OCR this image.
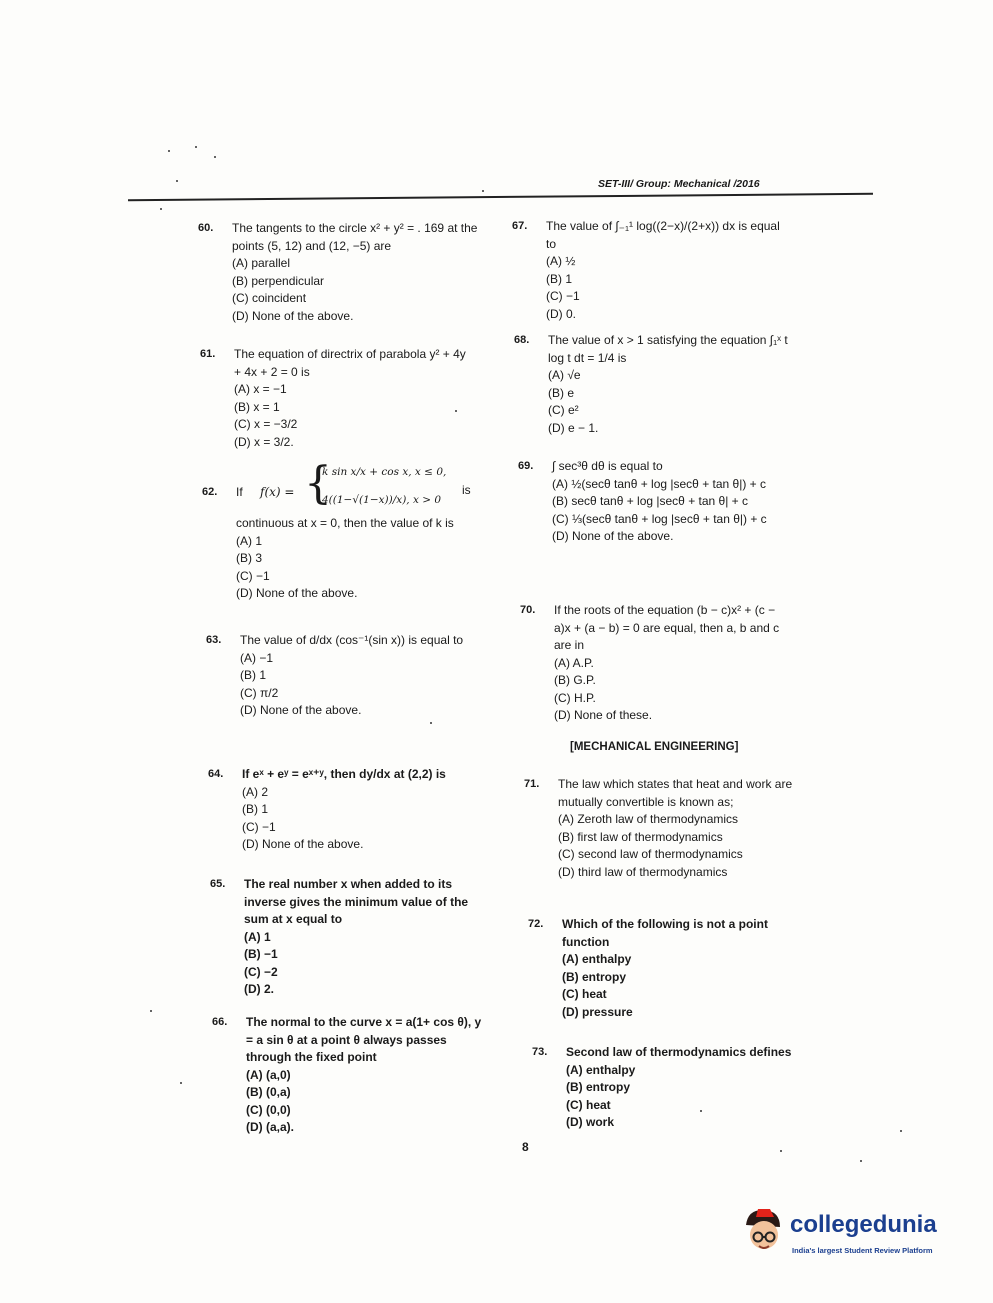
SET-III/ Group: Mechanical /2016
60. The tangents to the circle x² + y² = . 169 at the points (5, 12) and (12, −5) are
(A) parallel
(B) perpendicular
(C) coincident
(D) None of the above.
61. The equation of directrix of parabola y² + 4y + 4x + 2 = 0 is
(A) x = −1
(B) x = 1
(C) x = −3/2
(D) x = 3/2.
62. If f(x) = {
k sin x/x + cos x, x ≤ 0,
4((1−√(1−x))/x), x > 0
is
continuous at x = 0, then the value of k is
(A) 1
(B) 3
(C) −1
(D) None of the above.
63. The value of d/dx (cos⁻¹(sin x)) is equal to
(A) −1
(B) 1
(C) π/2
(D) None of the above.
64. If eˣ + eʸ = eˣ⁺ʸ, then dy/dx at (2,2) is
(A) 2
(B) 1
(C) −1
(D) None of the above.
65. The real number x when added to its inverse gives the minimum value of the sum at x equal to
(A) 1
(B) −1
(C) −2
(D) 2.
66. The normal to the curve x = a(1+ cos θ), y = a sin θ at a point θ always passes through the fixed point
(A) (a,0)
(B) (0,a)
(C) (0,0)
(D) (a,a).
67. The value of ∫₋₁¹ log((2−x)/(2+x)) dx is equal to
(A) ½
(B) 1
(C) −1
(D) 0.
68. The value of x > 1 satisfying the equation ∫₁ˣ t log t dt = 1/4 is
(A) √e
(B) e
(C) e²
(D) e − 1.
69. ∫ sec³θ dθ is equal to
(A) ½(secθ tanθ + log |secθ + tan θ|) + c
(B) secθ tanθ + log |secθ + tan θ| + c
(C) ⅓(secθ tanθ + log |secθ + tan θ|) + c
(D) None of the above.
70. If the roots of the equation (b − c)x² + (c − a)x + (a − b) = 0 are equal, then a, b and c are in
(A) A.P.
(B) G.P.
(C) H.P.
(D) None of these.
[MECHANICAL ENGINEERING]
71. The law which states that heat and work are mutually convertible is known as;
(A) Zeroth law of thermodynamics
(B) first law of thermodynamics
(C) second law of thermodynamics
(D) third law of thermodynamics
72. Which of the following is not a point function
(A) enthalpy
(B) entropy
(C) heat
(D) pressure
73. Second law of thermodynamics defines
(A) enthalpy
(B) entropy
(C) heat
(D) work
8
collegedunia
India's largest Student Review Platform
